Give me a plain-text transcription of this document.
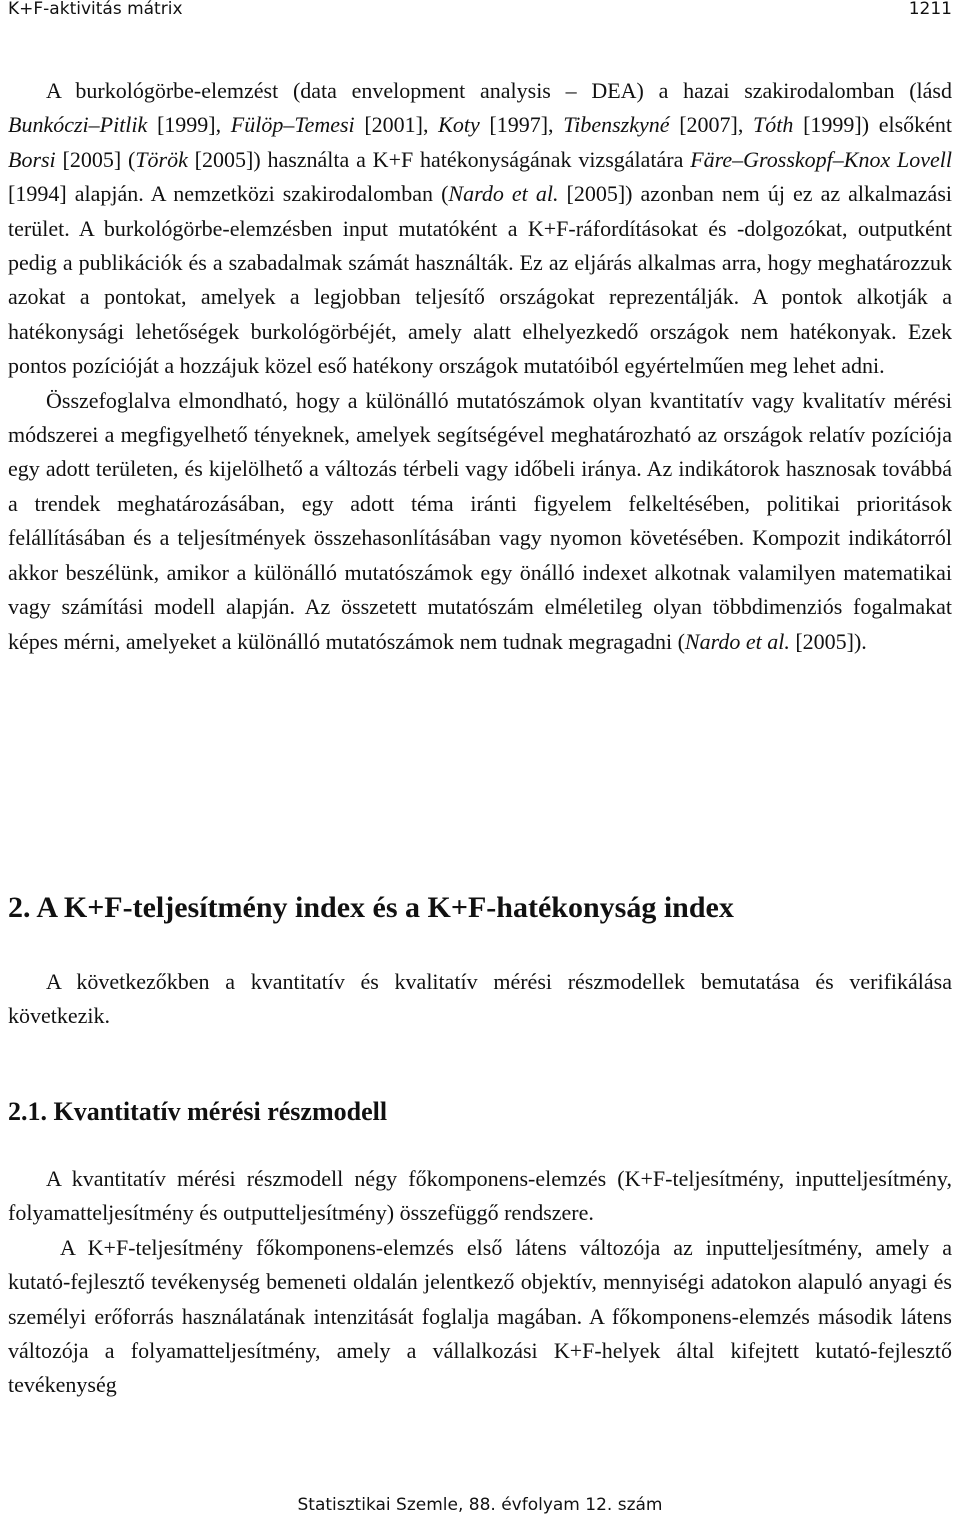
K+F-aktivitás mátrix	1211

A burkológörbe-elemzést (data envelopment analysis ‒ DEA) a hazai szakirodalomban (lásd Bunkóczi–Pitlik [1999], Fülöp–Temesi [2001], Koty [1997], Tibenszkyné [2007], Tóth [1999]) elsőként Borsi [2005] (Török [2005]) használta a K+F hatékonyságának vizsgálatára Färe–Grosskopf–Knox Lovell [1994] alapján. A nemzetközi szakirodalomban (Nardo et al. [2005]) azonban nem új ez az alkalmazási terület. A burkológörbe-elemzésben input mutatóként a K+F-ráfordításokat és -dolgozókat, outputként pedig a publikációk és a szabadalmak számát használták. Ez az eljárás alkalmas arra, hogy meghatározzuk azokat a pontokat, amelyek a legjobban teljesítő országokat reprezentálják. A pontok alkotják a hatékonysági lehetőségek burkológörbéjét, amely alatt elhelyezkedő országok nem hatékonyak. Ezek pontos pozícióját a hozzájuk közel eső hatékony országok mutatóiból egyértelműen meg lehet adni.

Összefoglalva elmondható, hogy a különálló mutatószámok olyan kvantitatív vagy kvalitatív mérési módszerei a megfigyelhető tényeknek, amelyek segítségével meghatározható az országok relatív pozíciója egy adott területen, és kijelölhető a változás térbeli vagy időbeli iránya. Az indikátorok hasznosak továbbá a trendek meghatározásában, egy adott téma iránti figyelem felkeltésében, politikai prioritások felállításában és a teljesítmények összehasonlításában vagy nyomon követésében. Kompozit indikátorról akkor beszélünk, amikor a különálló mutatószámok egy önálló indexet alkotnak valamilyen matematikai vagy számítási modell alapján. Az összetett mutatószám elméletileg olyan többdimenziós fogalmakat képes mérni, amelyeket a különálló mutatószámok nem tudnak megragadni (Nardo et al. [2005]).

2. A K+F-teljesítmény index és a K+F-hatékonyság index

A következőkben a kvantitatív és kvalitatív mérési részmodellek bemutatása és verifikálása következik.

2.1. Kvantitatív mérési részmodell

A kvantitatív mérési részmodell négy főkomponens-elemzés (K+F-teljesítmény, inputteljesítmény, folyamatteljesítmény és outputteljesítmény) összefüggő rendszere.

A K+F-teljesítmény főkomponens-elemzés első látens változója az inputteljesítmény, amely a kutató-fejlesztő tevékenység bemeneti oldalán jelentkező objektív, mennyiségi adatokon alapuló anyagi és személyi erőforrás használatának intenzitását foglalja magában. A főkomponens-elemzés második látens változója a folyamatteljesítmény, amely a vállalkozási K+F-helyek által kifejtett kutató-fejlesztő tevékenység

Statisztikai Szemle, 88. évfolyam 12. szám
